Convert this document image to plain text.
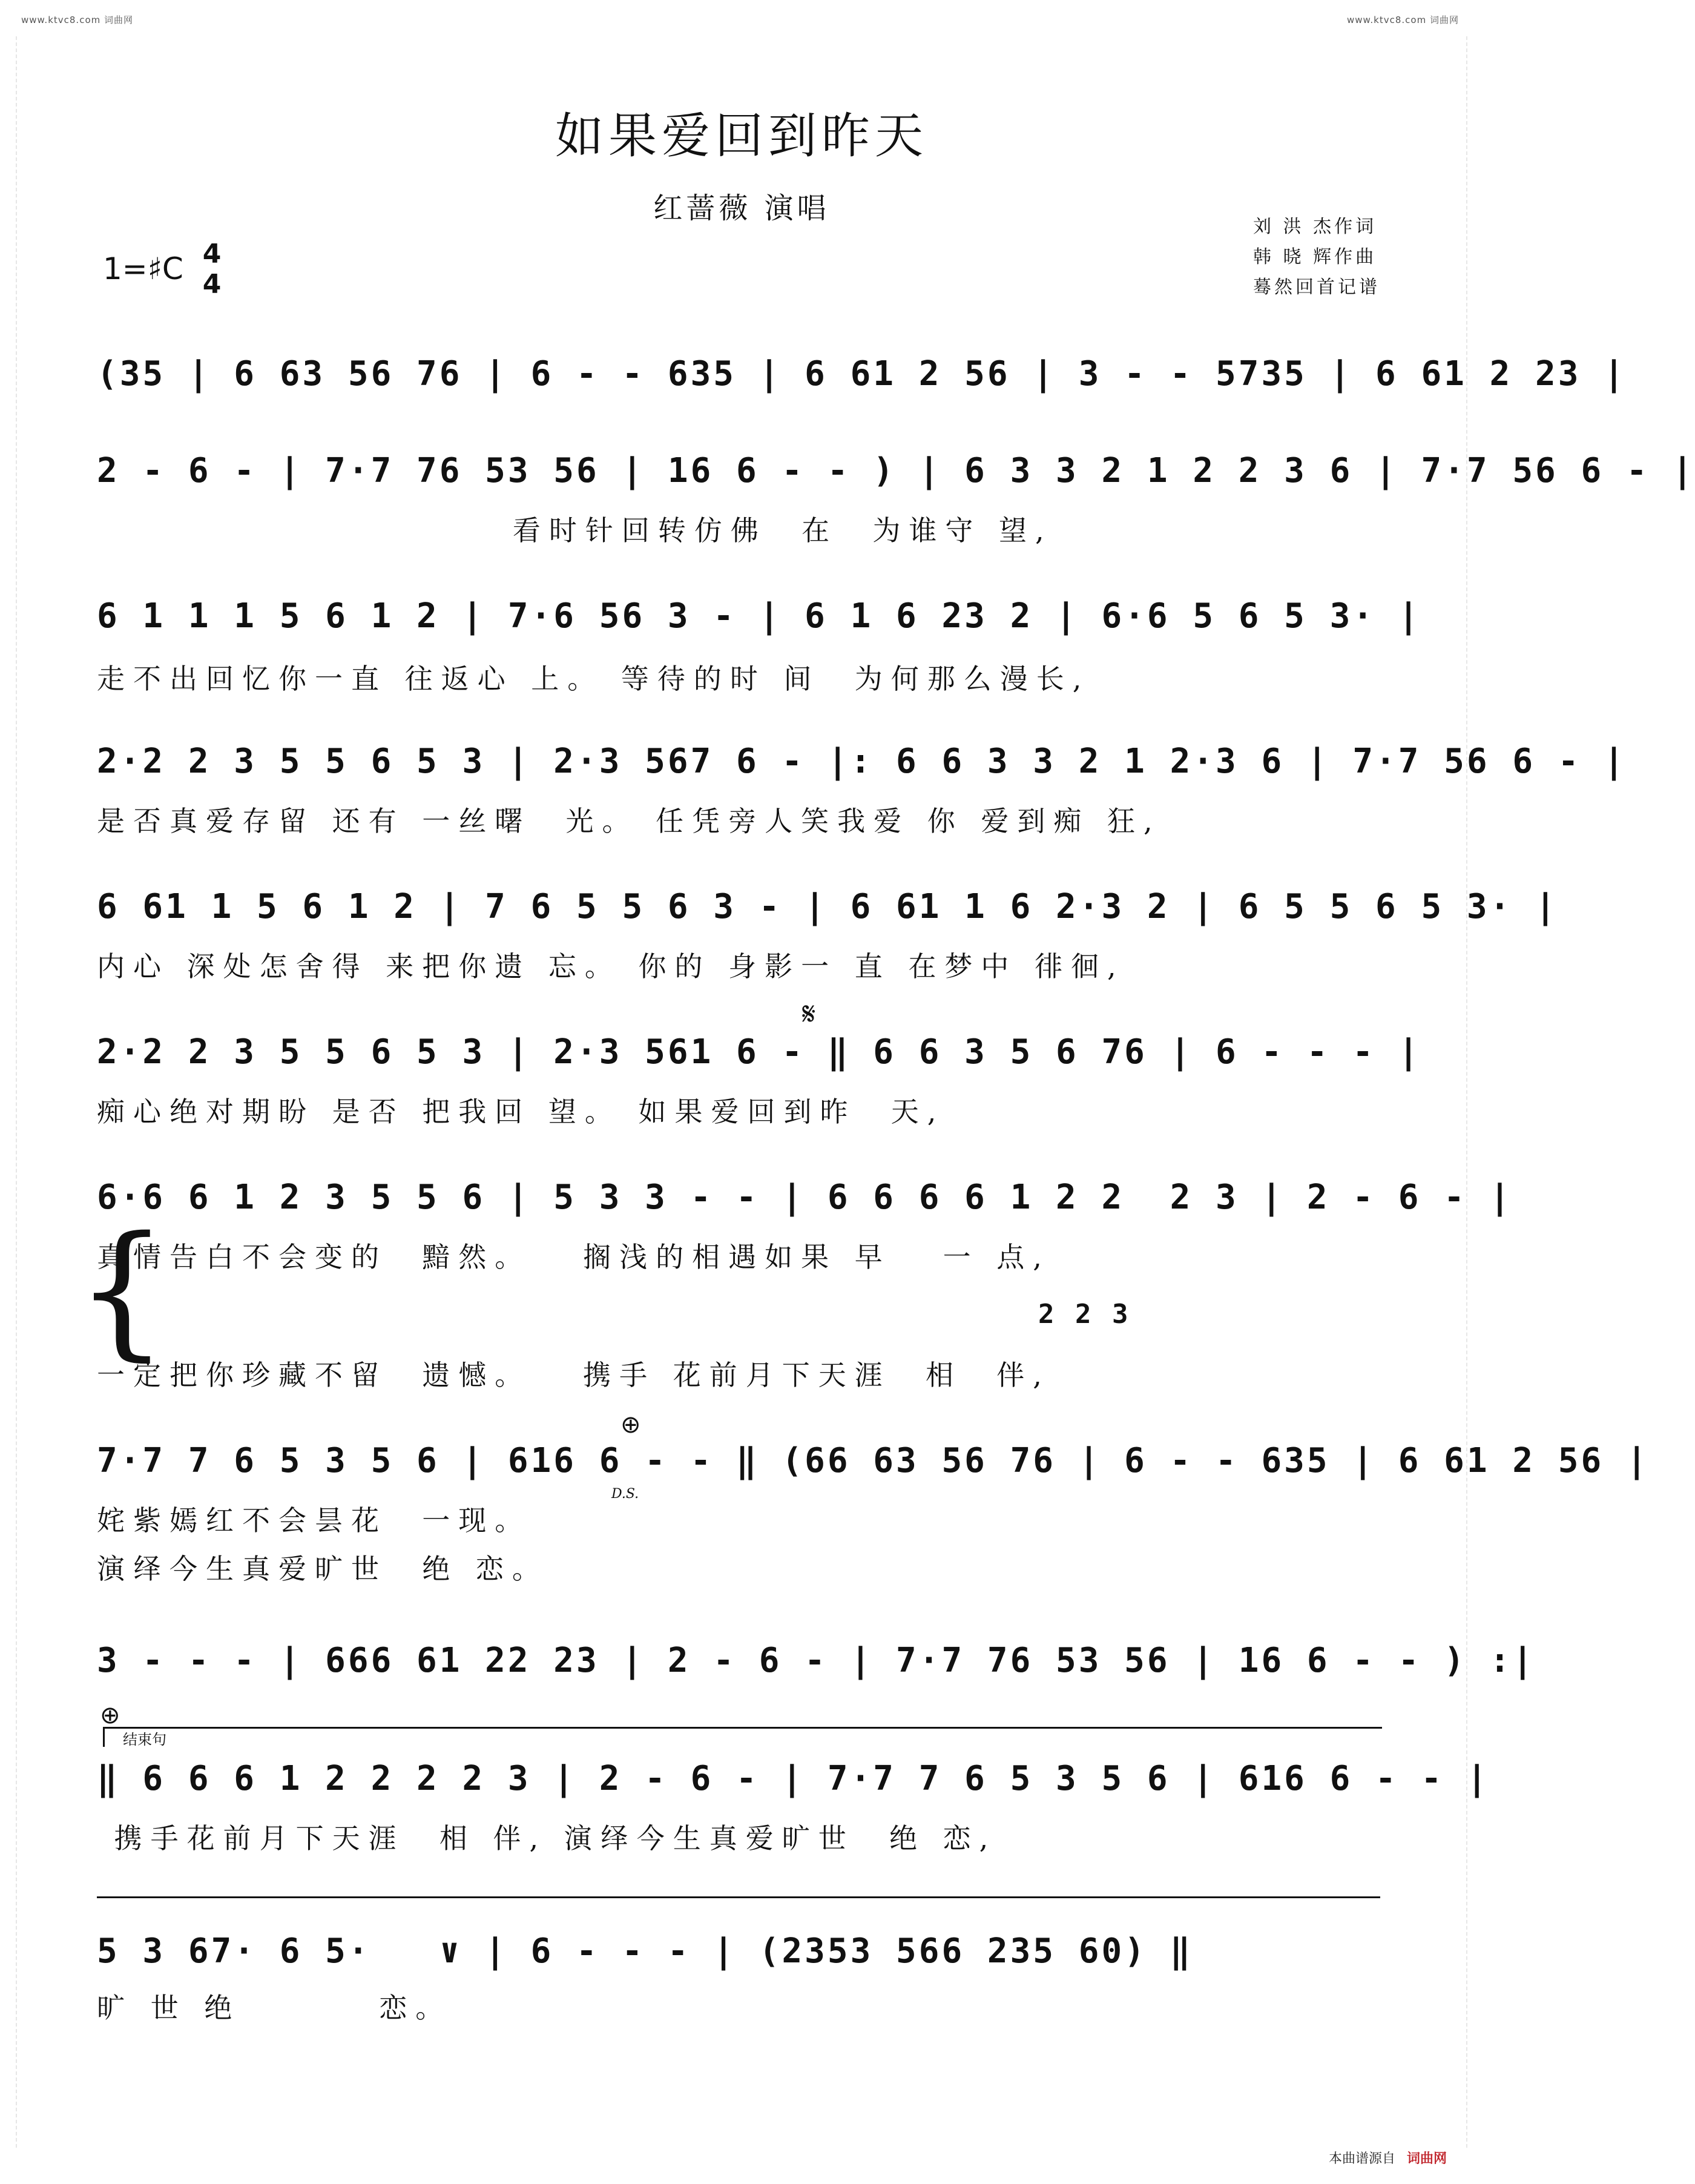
www.ktvc8.com 词曲网	www.ktvc8.com 词曲网
如果爱回到昨天
红蔷薇 演唱
1=♯C 4
4
刘 洪 杰作词
韩 晓 辉作曲
蓦然回首记谱
(35 | 6 63 56 76 | 6 - - 635 | 6 61 2 56 | 3 - - 5735 | 6 61 2 23 |
2 - 6 - | 7·7 76 53 56 | 16 6 - - ) | 6 3 3 2 1 2 2 3 6 | 7·7 56 6 - |
看时针回转仿佛  在  为谁守 望,
6 1 1 1 5 6 1 2 | 7·6 56 3 - | 6 1 6 23 2 | 6·6 5 6 5 3· |
走不出回忆你一直 往返心 上。 等待的时 间  为何那么漫长,
2·2 2 3 5 5 6 5 3 | 2·3 567 6 - |: 6 6 3 3 2 1 2·3 6 | 7·7 56 6 - |
是否真爱存留 还有 一丝曙  光。 任凭旁人笑我爱 你 爱到痴 狂,
6 61 1 5 6 1 2 | 7 6 5 5 6 3 - | 6 61 1 6 2·3 2 | 6 5 5 6 5 3· |
内心 深处怎舍得 来把你遗 忘。 你的 身影一 直 在梦中 徘徊,
𝄋
2·2 2 3 5 5 6 5 3 | 2·3 561 6 - ‖ 6 6 3 5 6 76 | 6 - - - |
痴心绝对期盼 是否 把我回 望。 如果爱回到昨  天,
{
6·6 6 1 2 3 5 5 6 | 5 3 3 - - | 6 6 6 6 1 2 2  2 3 | 2 - 6 - |
真情告白不会变的  黯然。   搁浅的相遇如果 早   一 点,
2 2 3
一定把你珍藏不留  遗憾。   携手 花前月下天涯  相  伴,
⊕
7·7 7 6 5 3 5 6 | 616 6 - - ‖ (66 63 56 76 | 6 - - 635 | 6 61 2 56 |
D.S.
姹紫嫣红不会昙花  一现。
演绎今生真爱旷世  绝 恋。
3 - - - | 666 61 22 23 | 2 - 6 - | 7·7 76 53 56 | 16 6 - - ) :|
⊕
结束句
‖ 6 6 6 1 2 2 2 2 3 | 2 - 6 - | 7·7 7 6 5 3 5 6 | 616 6 - - |
携手花前月下天涯  相 伴, 演绎今生真爱旷世  绝 恋,
5 3 67· 6 5·   ∨ | 6 - - - | (2353 566 235 60) ‖
旷 世 绝        恋。
本曲谱源自 词曲网
